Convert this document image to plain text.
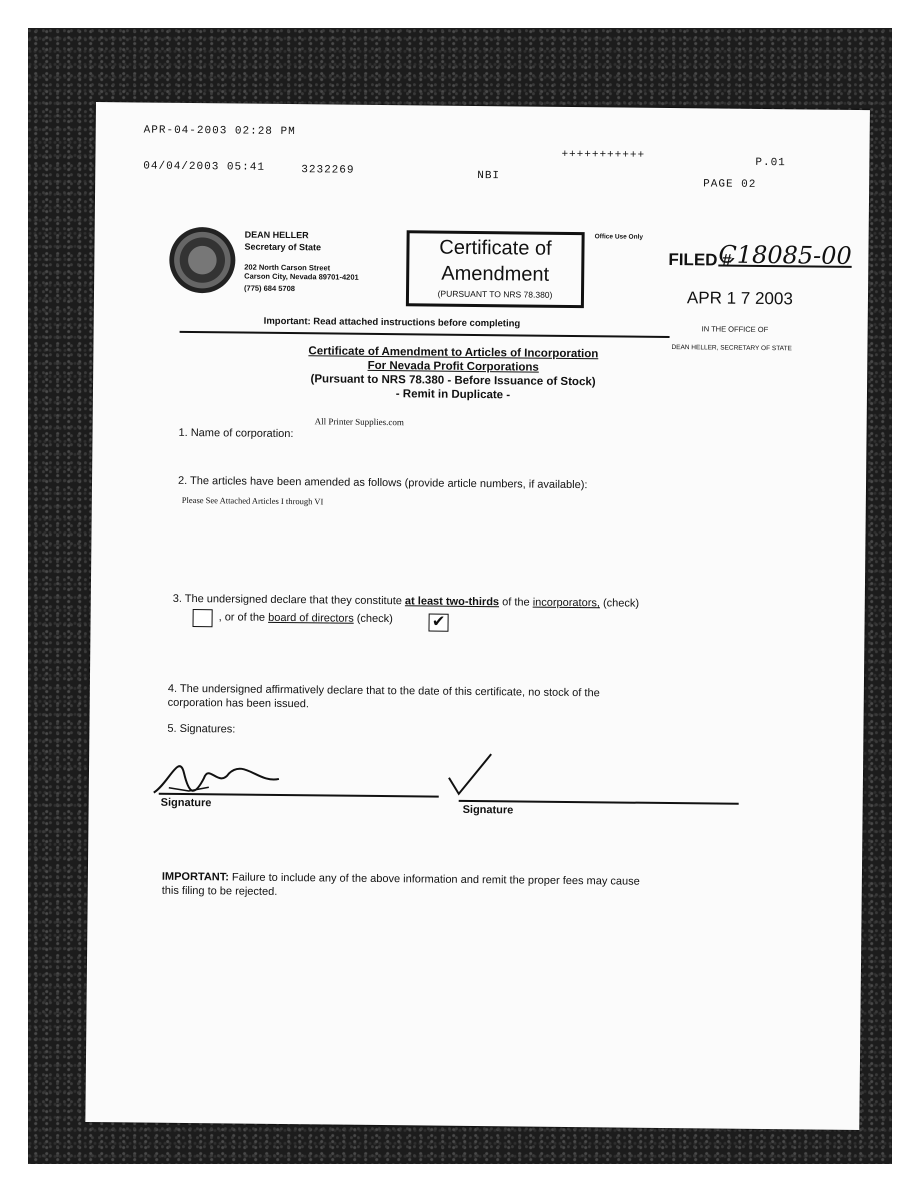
APR-04-2003 02:28 PM
+++++++++++
P.01
04/04/2003 05:41	3232269	NBI
PAGE 02
DEAN HELLER
Secretary of State
202 North Carson Street
Carson City, Nevada 89701-4201
(775) 684 5708
Certificate of
Amendment
(PURSUANT TO NRS 78.380)
Office Use Only
FILED #
C18085-00
APR 1 7 2003
IN THE OFFICE OF
DEAN HELLER, SECRETARY OF STATE
Important: Read attached instructions before completing
Certificate of Amendment to Articles of Incorporation
For Nevada Profit Corporations
(Pursuant to NRS 78.380 - Before Issuance of Stock)
- Remit in Duplicate -
All Printer Supplies.com
1. Name of corporation:
2. The articles have been amended as follows (provide article numbers, if available):
Please See Attached Articles I through VI
3. The undersigned declare that they constitute at least two-thirds of the incorporators, (check)
, or of the board of directors (check) ✔
4. The undersigned affirmatively declare that to the date of this certificate, no stock of the
corporation has been issued.
5. Signatures:
Signature
Signature
IMPORTANT: Failure to include any of the above information and remit the proper fees may cause
this filing to be rejected.
